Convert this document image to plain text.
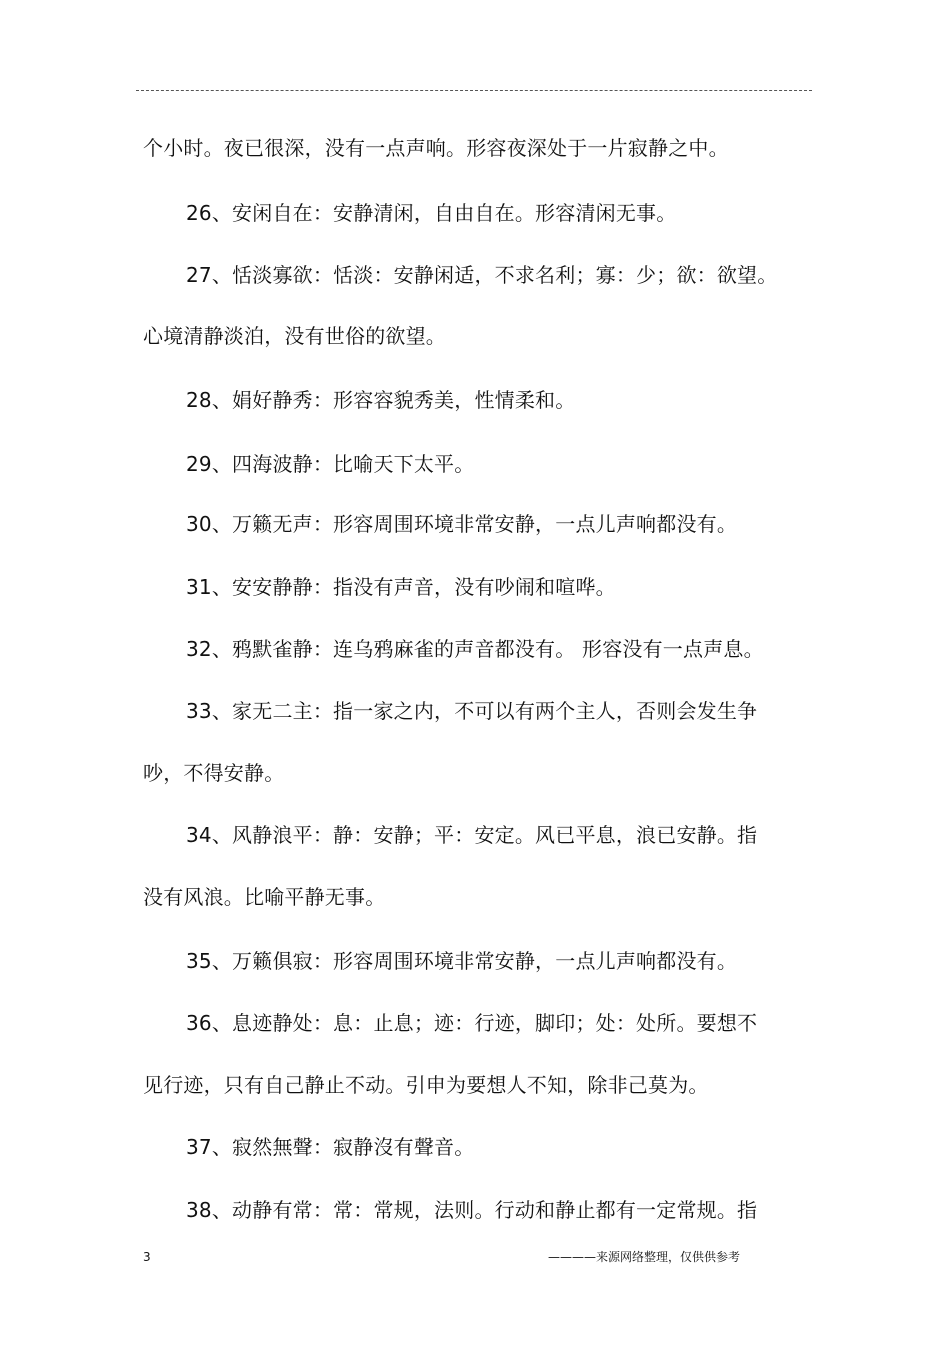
个小时。夜已很深，没有一点声响。形容夜深处于一片寂静之中。
26、安闲自在：安静清闲，自由自在。形容清闲无事。
27、恬淡寡欲：恬淡：安静闲适，不求名利；寡：少；欲：欲望。
心境清静淡泊，没有世俗的欲望。
28、娟好静秀：形容容貌秀美，性情柔和。
29、四海波静：比喻天下太平。
30、万籁无声：形容周围环境非常安静，一点儿声响都没有。
31、安安静静：指没有声音，没有吵闹和喧哗。
32、鸦默雀静：连乌鸦麻雀的声音都没有。 形容没有一点声息。
33、家无二主：指一家之内，不可以有两个主人，否则会发生争
吵，不得安静。
34、风静浪平：静：安静；平：安定。风已平息，浪已安静。指
没有风浪。比喻平静无事。
35、万籁俱寂：形容周围环境非常安静，一点儿声响都没有。
36、息迹静处：息：止息；迹：行迹，脚印；处：处所。要想不
见行迹，只有自己静止不动。引申为要想人不知，除非己莫为。
37、寂然無聲：寂静沒有聲音。
38、动静有常：常：常规，法则。行动和静止都有一定常规。指
3	————来源网络整理，仅供供参考
